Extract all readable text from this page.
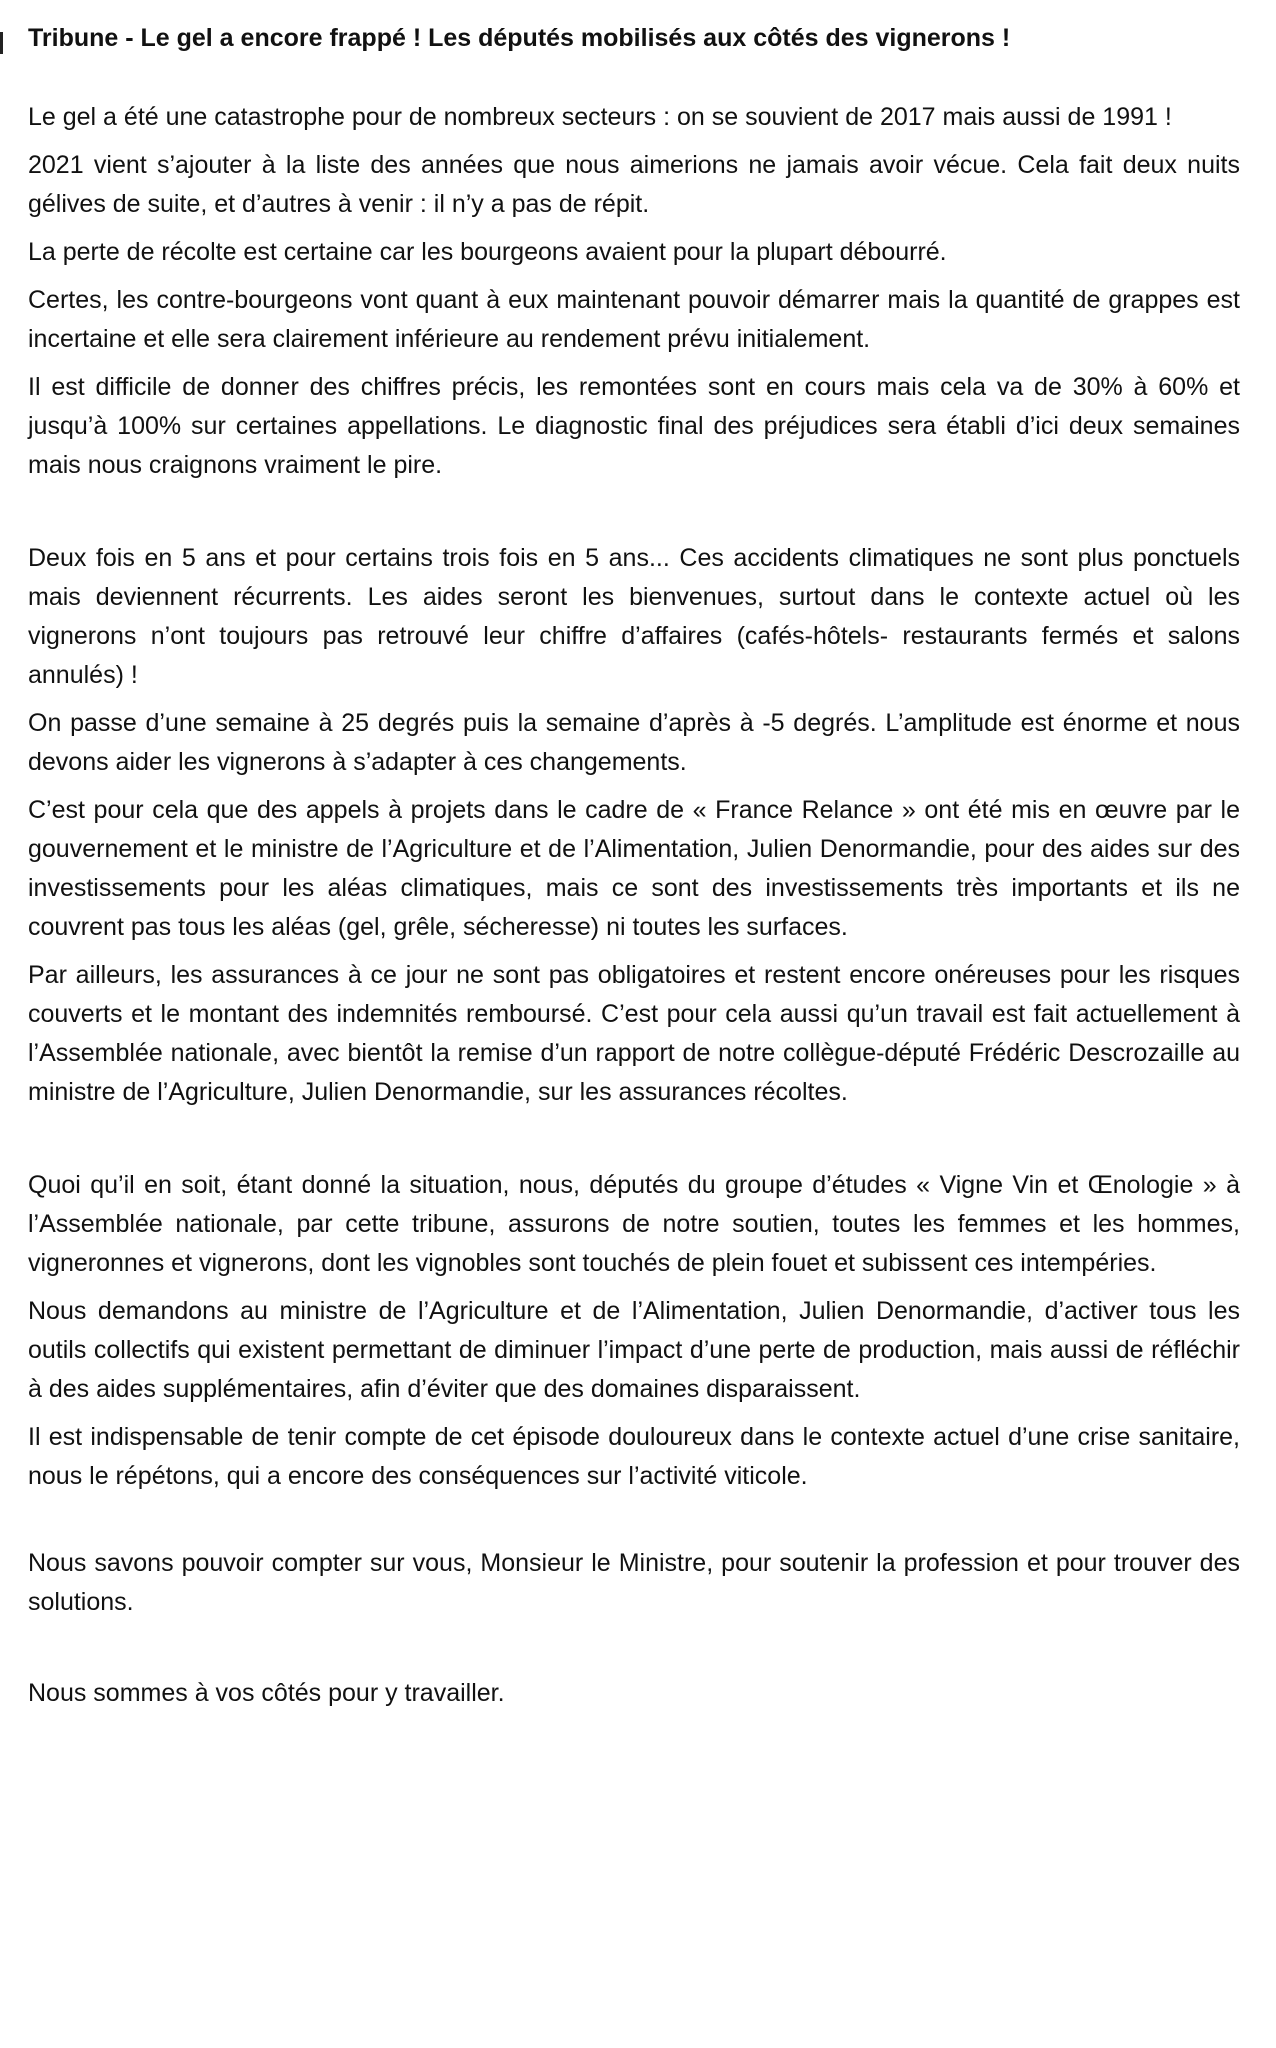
Tribune - Le gel a encore frappé ! Les députés mobilisés aux côtés des vignerons !

Le gel a été une catastrophe pour de nombreux secteurs : on se souvient de 2017 mais aussi de 1991 !

2021 vient s’ajouter à la liste des années que nous aimerions ne jamais avoir vécue. Cela fait deux nuits gélives de suite, et d’autres à venir : il n’y a pas de répit.

La perte de récolte est certaine car les bourgeons avaient pour la plupart débourré.

Certes, les contre-bourgeons vont quant à eux maintenant pouvoir démarrer mais la quantité de grappes est incertaine et elle sera clairement inférieure au rendement prévu initialement.

Il est difficile de donner des chiffres précis, les remontées sont en cours mais cela va de 30% à 60% et jusqu’à 100% sur certaines appellations. Le diagnostic final des préjudices sera établi d’ici deux semaines mais nous craignons vraiment le pire.

Deux fois en 5 ans et pour certains trois fois en 5 ans... Ces accidents climatiques ne sont plus ponctuels mais deviennent récurrents. Les aides seront les bienvenues, surtout dans le contexte actuel où les vignerons n’ont toujours pas retrouvé leur chiffre d’affaires (cafés-hôtels- restaurants fermés et salons annulés) !

On passe d’une semaine à 25 degrés puis la semaine d’après à -5 degrés. L’amplitude est énorme et nous devons aider les vignerons à s’adapter à ces changements.

C’est pour cela que des appels à projets dans le cadre de « France Relance » ont été mis en œuvre par le gouvernement et le ministre de l’Agriculture et de l’Alimentation, Julien Denormandie, pour des aides sur des investissements pour les aléas climatiques, mais ce sont des investissements très importants et ils ne couvrent pas tous les aléas (gel, grêle, sécheresse) ni toutes les surfaces.

Par ailleurs, les assurances à ce jour ne sont pas obligatoires et restent encore onéreuses pour les risques couverts et le montant des indemnités remboursé. C’est pour cela aussi qu’un travail est fait actuellement à l’Assemblée nationale, avec bientôt la remise d’un rapport de notre collègue-député Frédéric Descrozaille au ministre de l’Agriculture, Julien Denormandie, sur les assurances récoltes.

Quoi qu’il en soit, étant donné la situation, nous, députés du groupe d’études « Vigne Vin et Œnologie » à l’Assemblée nationale, par cette tribune, assurons de notre soutien, toutes les femmes et les hommes, vigneronnes et vignerons, dont les vignobles sont touchés de plein fouet et subissent ces intempéries.

Nous demandons au ministre de l’Agriculture et de l’Alimentation, Julien Denormandie, d’activer tous les outils collectifs qui existent permettant de diminuer l’impact d’une perte de production, mais aussi de réfléchir à des aides supplémentaires, afin d’éviter que des domaines disparaissent.

Il est indispensable de tenir compte de cet épisode douloureux dans le contexte actuel d’une crise sanitaire, nous le répétons, qui a encore des conséquences sur l’activité viticole.

Nous savons pouvoir compter sur vous, Monsieur le Ministre, pour soutenir la profession et pour trouver des solutions.

Nous sommes à vos côtés pour y travailler.
